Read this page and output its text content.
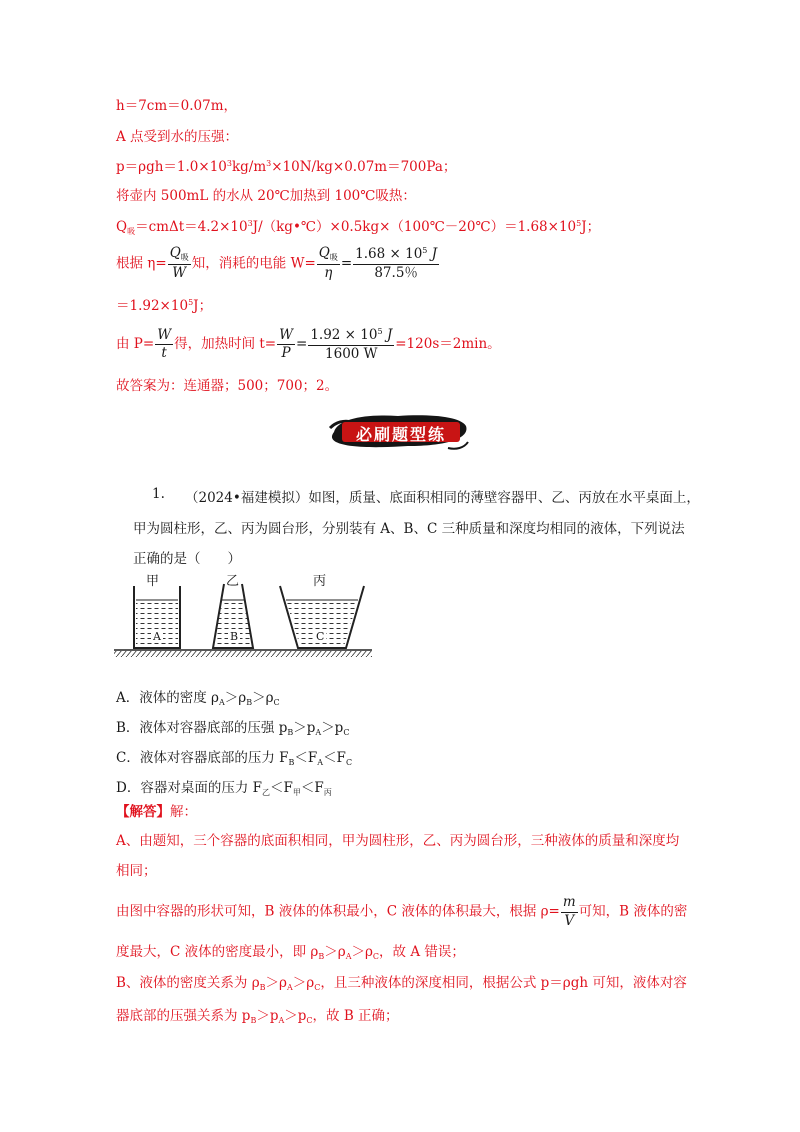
h＝7cm＝0.07m，
A 点受到水的压强：
$p=\rho gh=1.0\times 10^3kg/m^3\times 10N/kg\times 0.07m=700Pa$；
将壶内 500mL 的水从 20℃加热到 100℃吸热：
$Q_吸=cm\Delta t=4.2\times 10^3J/(kg•℃)\times 0.5kg\times(100℃-20℃)=1.68\times 10^5J$；
根据 $\eta= \frac{Q_吸}{W}$ 知，消耗的电能 $W= \frac{Q_吸}{\eta} = \frac{1.68 \times 10^5 J}{87.5\%}$
$=1.92\times 10^5J$；
由 $P= \frac{W}{t}$ 得，加热时间 $t= \frac{W}{P} = \frac{1.92 \times 10^5 J}{1600 W} =120s=2\min$。
故答案为：连通器；500；700；2。
必刷题型练
Be Sure To Brush Questions
1. （2024•福建模拟）如图，质量、底面积相同的薄壁容器甲、乙、丙放在水平桌面上，
甲为圆柱形，乙、丙为圆台形，分别装有 A、B、C 三种质量和深度均相同的液体，下列说法
正确的是（　　）
甲	乙	丙
A	B	C
A．液体的密度 $\rho_A>\rho_B>\rho_C$
B．液体对容器底部的压强 $p_B>p_A>p_C$
C．液体对容器底部的压力 $F_B<F_A<F_C$
D．容器对桌面的压力 $F_乙<F_甲<F_丙$
【解答】解：
A、由题知，三个容器的底面积相同，甲为圆柱形，乙、丙为圆台形，三种液体的质量和深度均
相同；
由图中容器的形状可知，B 液体的体积最小，C 液体的体积最大，根据 $\rho= \frac{m}{V}$ 可知，B 液体的密
度最大，C 液体的密度最小，即 $\rho_B>\rho_A>\rho_C$，故 A 错误；
B、液体的密度关系为 $\rho_B>\rho_A>\rho_C$，且三种液体的深度相同，根据公式 p＝ρgh 可知，液体对容
器底部的压强关系为 $p_B>p_A>p_C$，故 B 正确；
